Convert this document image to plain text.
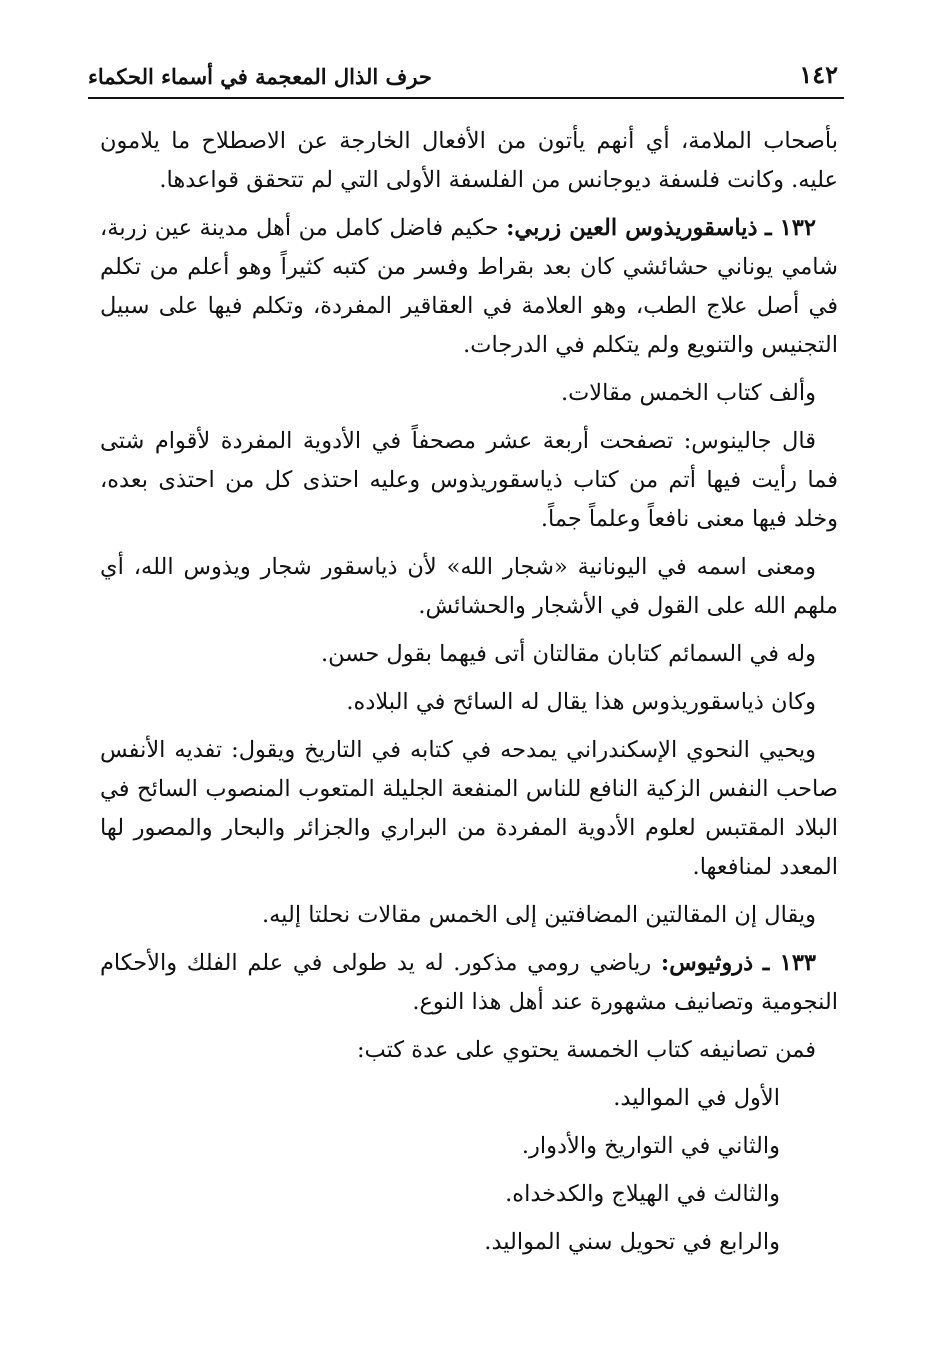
١٤٢
حرف الذال المعجمة في أسماء الحكماء

بأصحاب الملامة، أي أنهم يأتون من الأفعال الخارجة عن الاصطلاح ما يلامون عليه. وكانت فلسفة ديوجانس من الفلسفة الأولى التي لم تتحقق قواعدها.

١٣٢ ـ ذياسقوريذوس العين زربي: حكيم فاضل كامل من أهل مدينة عين زربة، شامي يوناني حشائشي كان بعد بقراط وفسر من كتبه كثيراً وهو أعلم من تكلم في أصل علاج الطب، وهو العلامة في العقاقير المفردة، وتكلم فيها على سبيل التجنيس والتنويع ولم يتكلم في الدرجات.

وألف كتاب الخمس مقالات.

قال جالينوس: تصفحت أربعة عشر مصحفاً في الأدوية المفردة لأقوام شتى فما رأيت فيها أتم من كتاب ذياسقوريذوس وعليه احتذى كل من احتذى بعده، وخلد فيها معنى نافعاً وعلماً جماً.

ومعنى اسمه في اليونانية «شجار الله» لأن ذياسقور شجار ويذوس الله، أي ملهم الله على القول في الأشجار والحشائش.

وله في السمائم كتابان مقالتان أتى فيهما بقول حسن.

وكان ذياسقوريذوس هذا يقال له السائح في البلاده.

ويحيي النحوي الإسكندراني يمدحه في كتابه في التاريخ ويقول: تفديه الأنفس صاحب النفس الزكية النافع للناس المنفعة الجليلة المتعوب المنصوب السائح في البلاد المقتبس لعلوم الأدوية المفردة من البراري والجزائر والبحار والمصور لها المعدد لمنافعها.

ويقال إن المقالتين المضافتين إلى الخمس مقالات نحلتا إليه.

١٣٣ ـ ذروثيوس: رياضي رومي مذكور. له يد طولى في علم الفلك والأحكام النجومية وتصانيف مشهورة عند أهل هذا النوع.

فمن تصانيفه كتاب الخمسة يحتوي على عدة كتب:

الأول في المواليد.

والثاني في التواريخ والأدوار.

والثالث في الهيلاج والكدخداه.

والرابع في تحويل سني المواليد.
